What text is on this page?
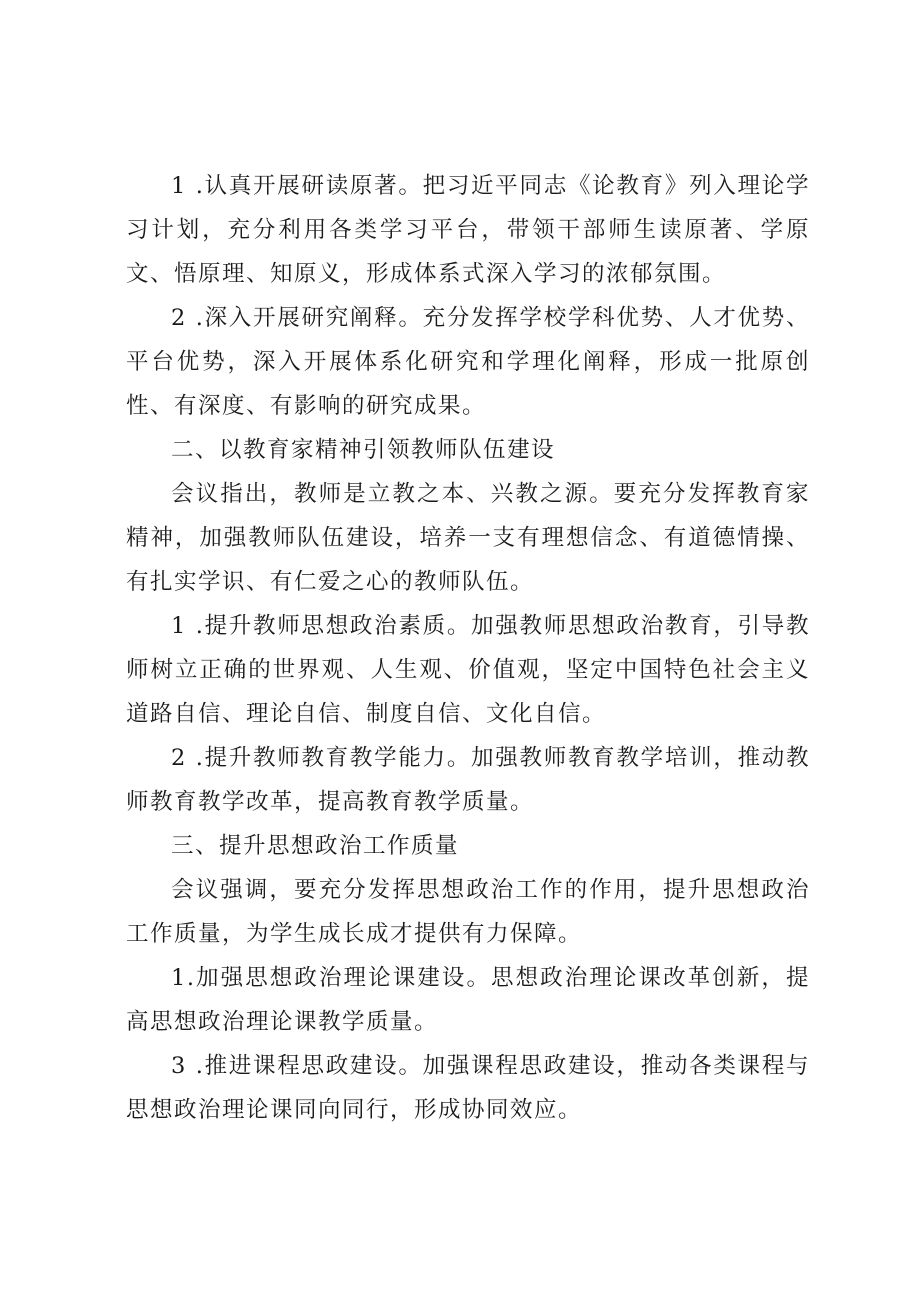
1 .认真开展研读原著。把习近平同志《论教育》列入理论学习计划，充分利用各类学习平台，带领干部师生读原著、学原文、悟原理、知原义，形成体系式深入学习的浓郁氛围。

2 .深入开展研究阐释。充分发挥学校学科优势、人才优势、平台优势，深入开展体系化研究和学理化阐释，形成一批原创性、有深度、有影响的研究成果。

二、以教育家精神引领教师队伍建设

会议指出，教师是立教之本、兴教之源。要充分发挥教育家精神，加强教师队伍建设，培养一支有理想信念、有道德情操、有扎实学识、有仁爱之心的教师队伍。

1 .提升教师思想政治素质。加强教师思想政治教育，引导教师树立正确的世界观、人生观、价值观，坚定中国特色社会主义道路自信、理论自信、制度自信、文化自信。

2 .提升教师教育教学能力。加强教师教育教学培训，推动教师教育教学改革，提高教育教学质量。

三、提升思想政治工作质量

会议强调，要充分发挥思想政治工作的作用，提升思想政治工作质量，为学生成长成才提供有力保障。

1.加强思想政治理论课建设。思想政治理论课改革创新，提高思想政治理论课教学质量。

3 .推进课程思政建设。加强课程思政建设，推动各类课程与思想政治理论课同向同行，形成协同效应。
